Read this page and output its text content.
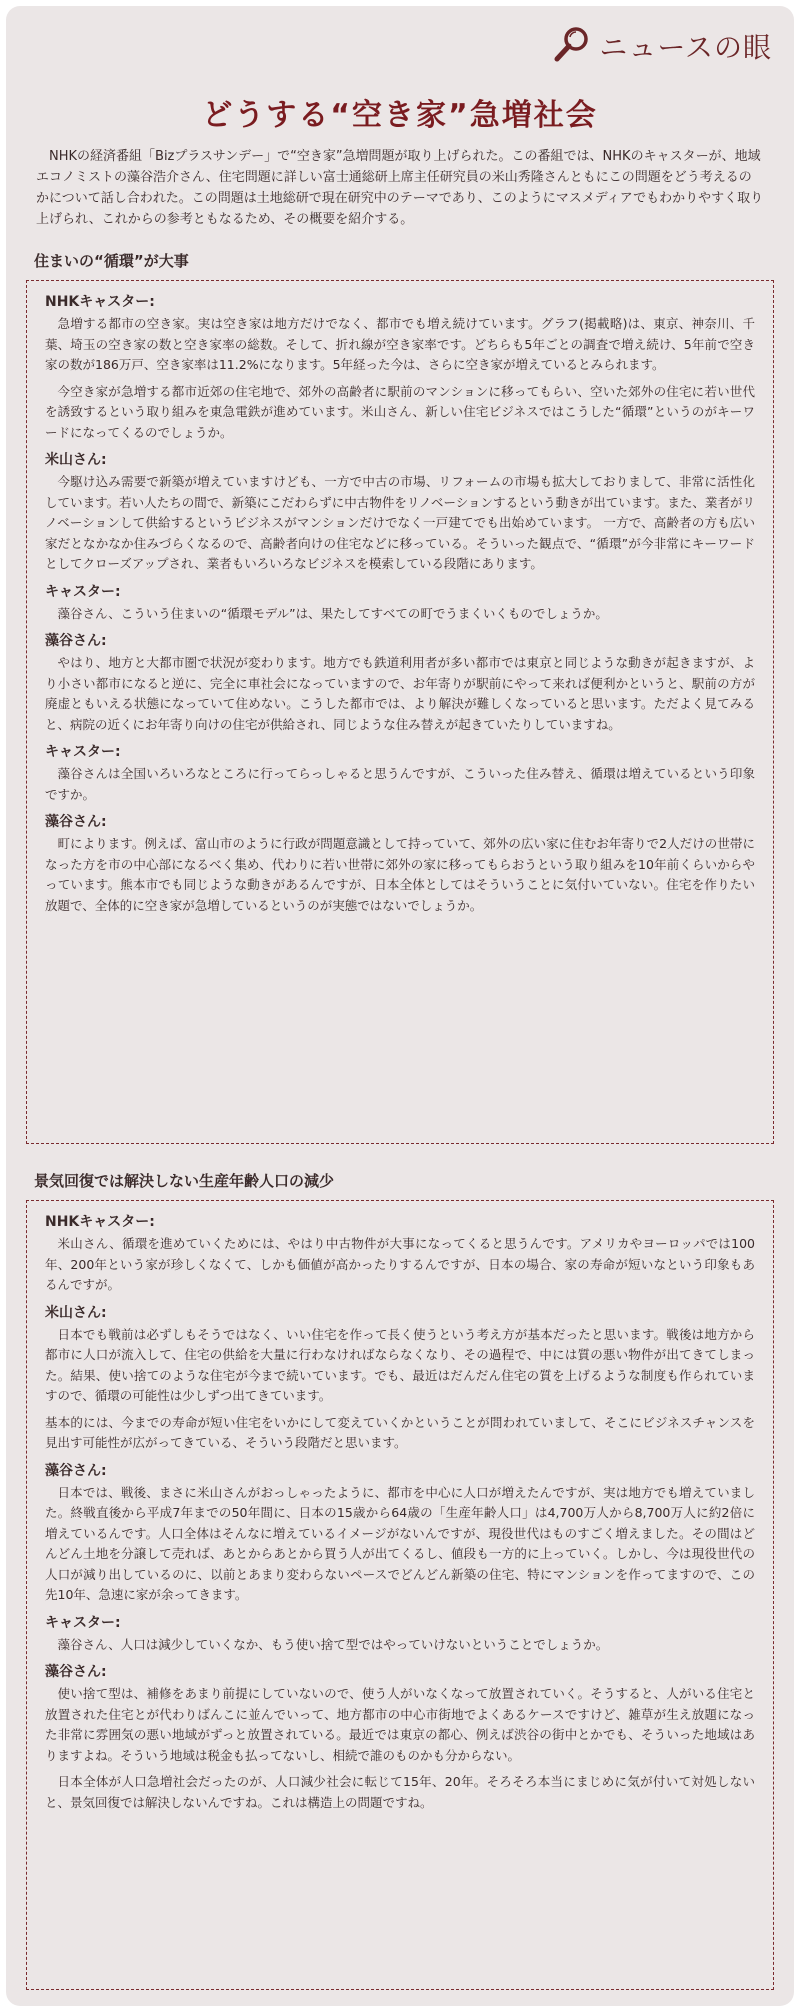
ニュースの眼
どうする“空き家”急増社会
NHKの経済番組「Bizプラスサンデー」で“空き家”急増問題が取り上げられた。この番組では、NHKのキャスターが、地域エコノミストの藻谷浩介さん、住宅問題に詳しい富士通総研上席主任研究員の米山秀隆さんともにこの問題をどう考えるのかについて話し合われた。この問題は土地総研で現在研究中のテーマであり、このようにマスメディアでもわかりやすく取り上げられ、これからの参考ともなるため、その概要を紹介する。
住まいの“循環”が大事
NHKキャスター:

急増する都市の空き家。実は空き家は地方だけでなく、都市でも増え続けています。グラフ(掲載略)は、東京、神奈川、千葉、埼玉の空き家の数と空き家率の総数。そして、折れ線が空き家率です。どちらも5年ごとの調査で増え続け、5年前で空き家の数が186万戸、空き家率は11.2%になります。5年経った今は、さらに空き家が増えているとみられます。

今空き家が急増する都市近郊の住宅地で、郊外の高齢者に駅前のマンションに移ってもらい、空いた郊外の住宅に若い世代を誘致するという取り組みを東急電鉄が進めています。米山さん、新しい住宅ビジネスではこうした“循環”というのがキーワードになってくるのでしょうか。

米山さん:

今駆け込み需要で新築が増えていますけども、一方で中古の市場、リフォームの市場も拡大しておりまして、非常に活性化しています。若い人たちの間で、新築にこだわらずに中古物件をリノベーションするという動きが出ています。また、業者がリノベーションして供給するというビジネスがマンションだけでなく一戸建てでも出始めています。 一方で、高齢者の方も広い家だとなかなか住みづらくなるので、高齢者向けの住宅などに移っている。そういった観点で、“循環”が今非常にキーワードとしてクローズアップされ、業者もいろいろなビジネスを模索している段階にあります。

キャスター:

藻谷さん、こういう住まいの“循環モデル”は、果たしてすべての町でうまくいくものでしょうか。

藻谷さん:

やはり、地方と大都市圏で状況が変わります。地方でも鉄道利用者が多い都市では東京と同じような動きが起きますが、より小さい都市になると逆に、完全に車社会になっていますので、お年寄りが駅前にやって来れば便利かというと、駅前の方が廃虚ともいえる状態になっていて住めない。こうした都市では、より解決が難しくなっていると思います。ただよく見てみると、病院の近くにお年寄り向けの住宅が供給され、同じような住み替えが起きていたりしていますね。

キャスター:

藻谷さんは全国いろいろなところに行ってらっしゃると思うんですが、こういった住み替え、循環は増えているという印象ですか。

藻谷さん:

町によります。例えば、富山市のように行政が問題意識として持っていて、郊外の広い家に住むお年寄りで2人だけの世帯になった方を市の中心部になるべく集め、代わりに若い世帯に郊外の家に移ってもらおうという取り組みを10年前くらいからやっています。熊本市でも同じような動きがあるんですが、日本全体としてはそういうことに気付いていない。住宅を作りたい放題で、全体的に空き家が急増しているというのが実態ではないでしょうか。

景気回復では解決しない生産年齢人口の減少
NHKキャスター:

米山さん、循環を進めていくためには、やはり中古物件が大事になってくると思うんです。アメリカやヨーロッパでは100年、200年という家が珍しくなくて、しかも価値が高かったりするんですが、日本の場合、家の寿命が短いなという印象もあるんですが。

米山さん:

日本でも戦前は必ずしもそうではなく、いい住宅を作って長く使うという考え方が基本だったと思います。戦後は地方から都市に人口が流入して、住宅の供給を大量に行わなければならなくなり、その過程で、中には質の悪い物件が出てきてしまった。結果、使い捨てのような住宅が今まで続いています。でも、最近はだんだん住宅の質を上げるような制度も作られていますので、循環の可能性は少しずつ出てきています。

基本的には、今までの寿命が短い住宅をいかにして変えていくかということが問われていまして、そこにビジネスチャンスを見出す可能性が広がってきている、そういう段階だと思います。

藻谷さん:

日本では、戦後、まさに米山さんがおっしゃったように、都市を中心に人口が増えたんですが、実は地方でも増えていました。終戦直後から平成7年までの50年間に、日本の15歳から64歳の「生産年齢人口」は4,700万人から8,700万人に約2倍に増えているんです。人口全体はそんなに増えているイメージがないんですが、現役世代はものすごく増えました。その間はどんどん土地を分譲して売れば、あとからあとから買う人が出てくるし、値段も一方的に上っていく。しかし、今は現役世代の人口が減り出しているのに、以前とあまり変わらないペースでどんどん新築の住宅、特にマンションを作ってますので、この先10年、急速に家が余ってきます。

キャスター:

藻谷さん、人口は減少していくなか、もう使い捨て型ではやっていけないということでしょうか。

藻谷さん:

使い捨て型は、補修をあまり前提にしていないので、使う人がいなくなって放置されていく。そうすると、人がいる住宅と放置された住宅とが代わりばんこに並んでいって、地方都市の中心市街地でよくあるケースですけど、雑草が生え放題になった非常に雰囲気の悪い地域がずっと放置されている。最近では東京の都心、例えば渋谷の街中とかでも、そういった地域はありますよね。そういう地域は税金も払ってないし、相続で誰のものかも分からない。

日本全体が人口急増社会だったのが、人口減少社会に転じて15年、20年。そろそろ本当にまじめに気が付いて対処しないと、景気回復では解決しないんですね。これは構造上の問題ですね。
